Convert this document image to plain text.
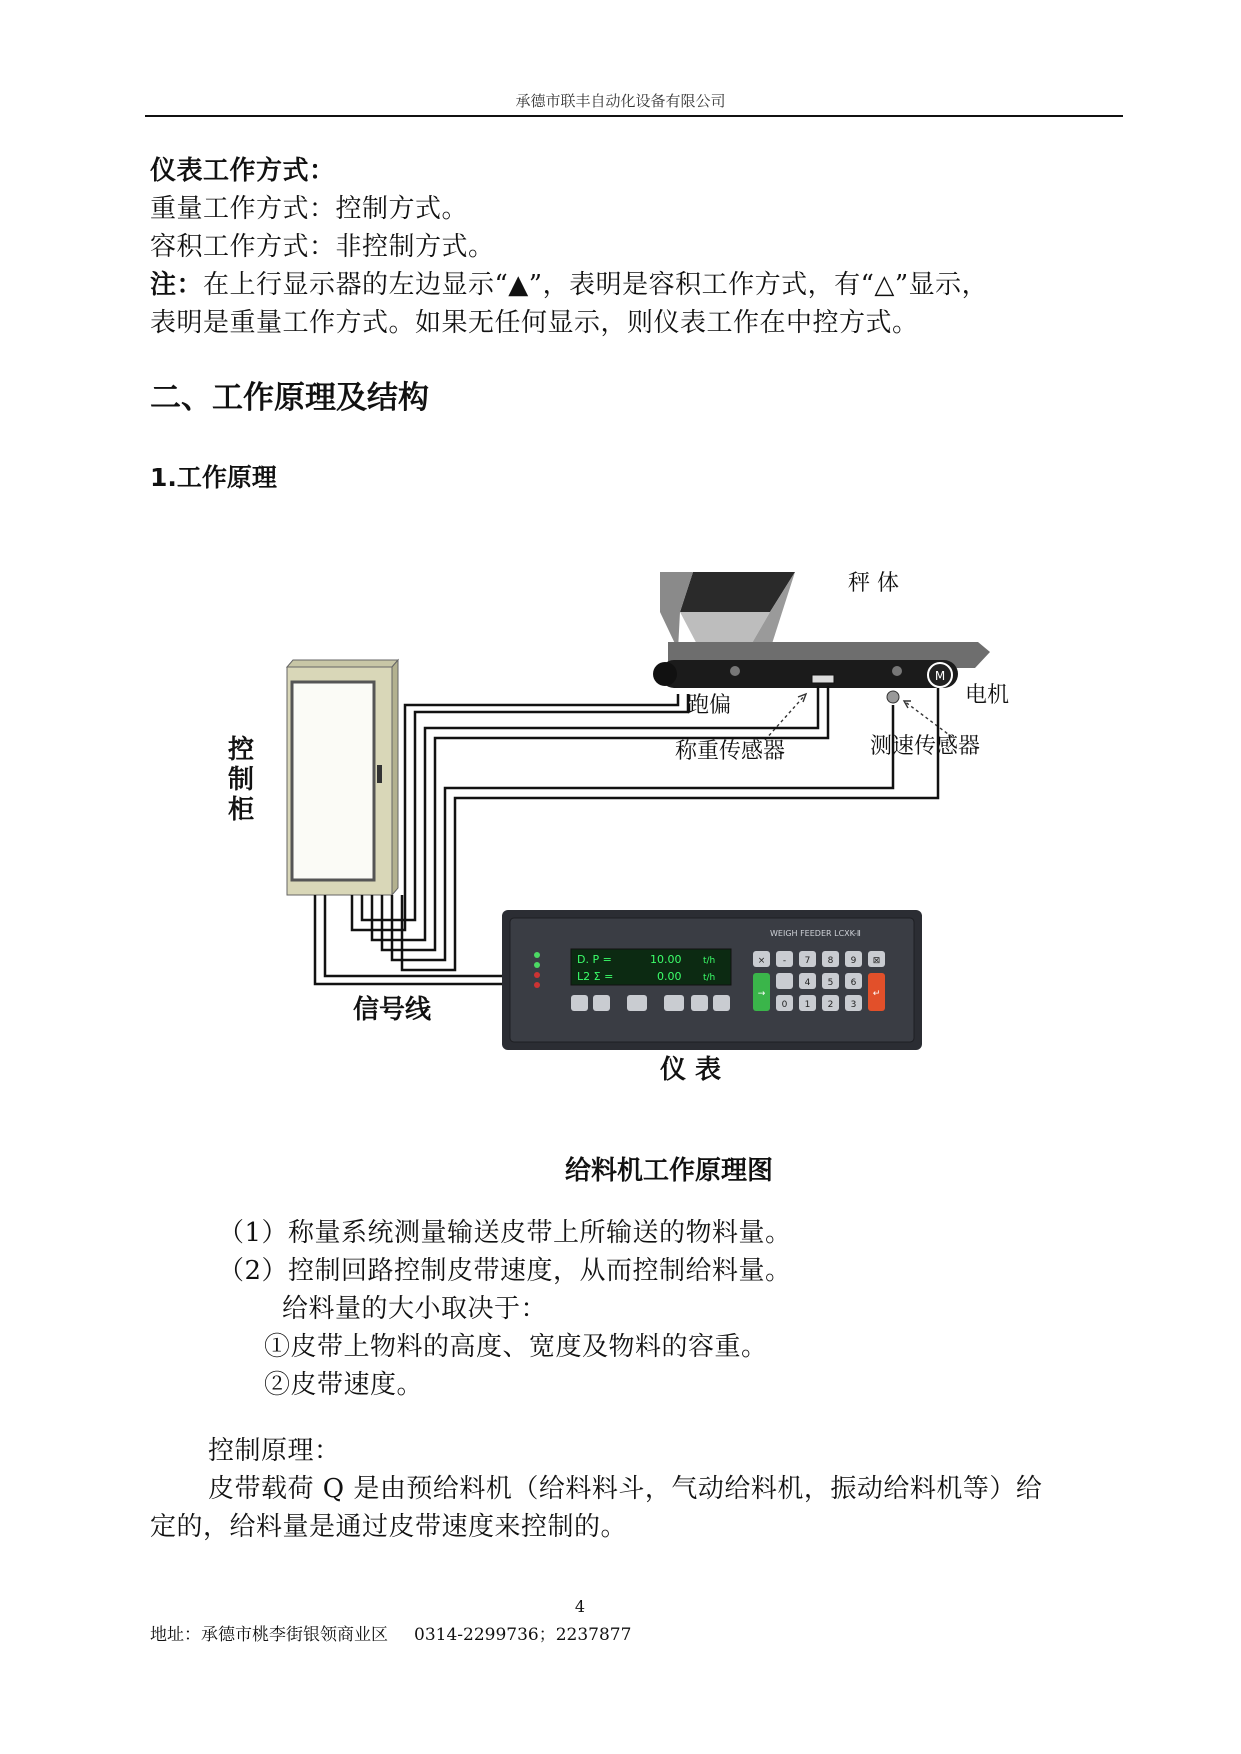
承德市联丰自动化设备有限公司
仪表工作方式：
重量工作方式：控制方式。
容积工作方式：非控制方式。
注：在上行显示器的左边显示“▲”，表明是容积工作方式，有“△”显示，
表明是重量工作方式。如果无任何显示，则仪表工作在中控方式。
二、工作原理及结构
1.工作原理
M
秤 体
电机
跑偏
称重传感器	测速传感器
控
制
柜
信号线
WEIGH FEEDER LCXK-Ⅱ
D. P =	10.00 t/h
L2 Σ =	0.00 t/h
× - 7 8 9 ⊠
→
4 5 6
↵
0 1 2 3
仪 表
给料机工作原理图
（1）称量系统测量输送皮带上所输送的物料量。
（2）控制回路控制皮带速度，从而控制给料量。
给料量的大小取决于：
①皮带上物料的高度、宽度及物料的容重。
②皮带速度。
控制原理：
皮带载荷 Q 是由预给料机（给料料斗，气动给料机，振动给料机等）给
定的，给料量是通过皮带速度来控制的。
4
地址：承德市桃李街银领商业区 0314-2299736；2237877
